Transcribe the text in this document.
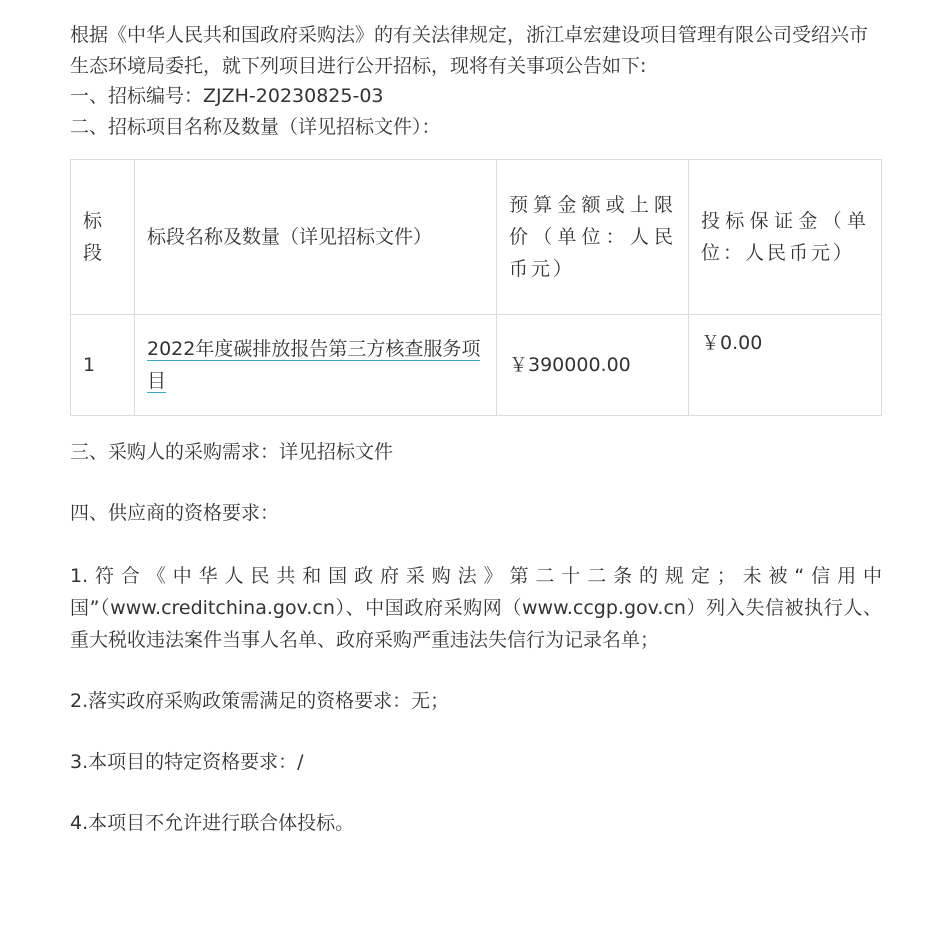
根据《中华人民共和国政府采购法》的有关法律规定，浙江卓宏建设项目管理有限公司受绍兴市生态环境局委托，就下列项目进行公开招标，现将有关事项公告如下:
一、招标编号：ZJZH-20230825-03
二、招标项目名称及数量（详见招标文件）：
标段	标段名称及数量（详见招标文件）	预算金额或上限价（单位：人民币元）	投标保证金（单位：人民币元）
1	2022年度碳排放报告第三方核查服务项目	￥390000.00	￥0.00
三、采购人的采购需求：详见招标文件
四、供应商的资格要求：
1.符合《中华人民共和国政府采购法》第二十二条的规定；未被“信用中国”（www.creditchina.gov.cn）、中国政府采购网（www.ccgp.gov.cn）列入失信被执行人、重大税收违法案件当事人名单、政府采购严重违法失信行为记录名单；
2.落实政府采购政策需满足的资格要求：无；
3.本项目的特定资格要求：/
4.本项目不允许进行联合体投标。
